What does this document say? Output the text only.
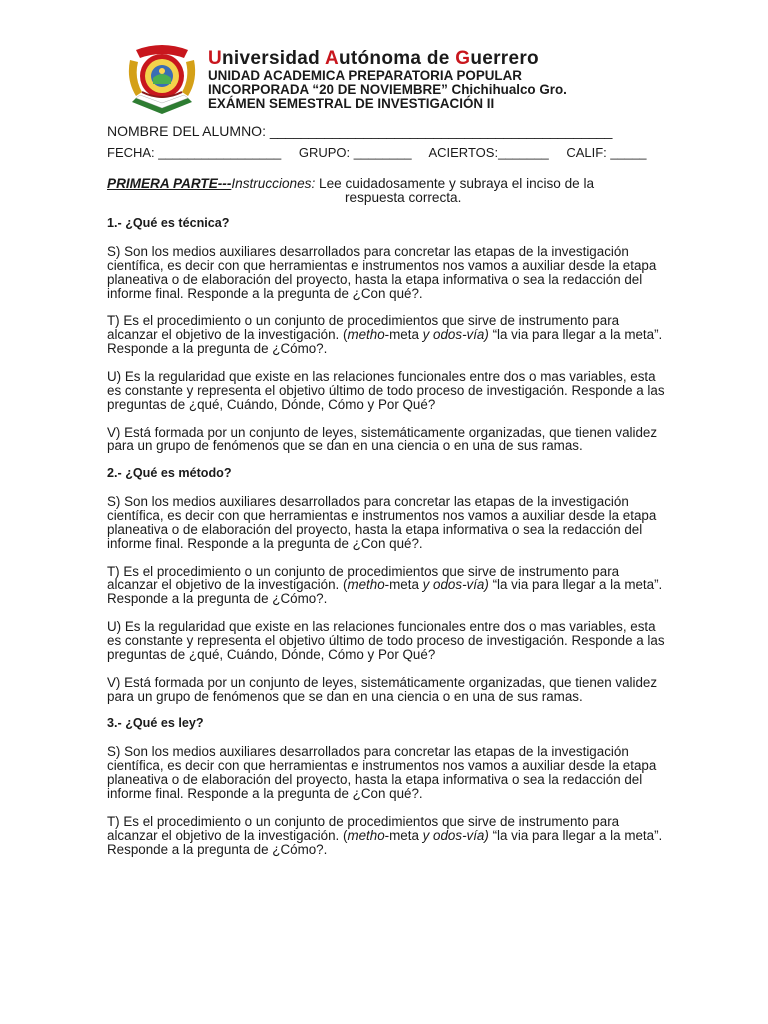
Universidad Autónoma de Guerrero
UNIDAD ACADEMICA PREPARATORIA POPULAR
INCORPORADA “20 DE NOVIEMBRE” Chichihualco Gro.
EXÁMEN SEMESTRAL DE INVESTIGACIÓN II
NOMBRE DEL ALUMNO: ____________________________________________
FECHA: _________________ GRUPO: ________ ACIERTOS:_______ CALIF: _____
PRIMERA PARTE---Instrucciones: Lee cuidadosamente y subraya el inciso de la
respuesta correcta.
1.- ¿Qué es técnica?
S) Son los medios auxiliares desarrollados para concretar las etapas de la investigación científica, es decir con que herramientas e instrumentos nos vamos a auxiliar desde la etapa planeativa o de elaboración del proyecto, hasta la etapa informativa o sea la redacción del informe final. Responde a la pregunta de ¿Con qué?.
T) Es el procedimiento o un conjunto de procedimientos que sirve de instrumento para alcanzar el objetivo de la investigación. (metho-meta y odos-vía) “la via para llegar a la meta”. Responde a la pregunta de ¿Cómo?.
U) Es la regularidad que existe en las relaciones funcionales entre dos o mas variables, esta es constante y representa el objetivo último de todo proceso de investigación. Responde a las preguntas de ¿qué, Cuándo, Dónde, Cómo y Por Qué?
V) Está formada por un conjunto de leyes, sistemáticamente organizadas, que tienen validez para un grupo de fenómenos que se dan en una ciencia o en una de sus ramas.
2.- ¿Qué es método?
S) Son los medios auxiliares desarrollados para concretar las etapas de la investigación científica, es decir con que herramientas e instrumentos nos vamos a auxiliar desde la etapa planeativa o de elaboración del proyecto, hasta la etapa informativa o sea la redacción del informe final. Responde a la pregunta de ¿Con qué?.
T) Es el procedimiento o un conjunto de procedimientos que sirve de instrumento para alcanzar el objetivo de la investigación. (metho-meta y odos-vía) “la via para llegar a la meta”. Responde a la pregunta de ¿Cómo?.
U) Es la regularidad que existe en las relaciones funcionales entre dos o mas variables, esta es constante y representa el objetivo último de todo proceso de investigación. Responde a las preguntas de ¿qué, Cuándo, Dónde, Cómo y Por Qué?
V) Está formada por un conjunto de leyes, sistemáticamente organizadas, que tienen validez para un grupo de fenómenos que se dan en una ciencia o en una de sus ramas.
3.- ¿Qué es ley?
S) Son los medios auxiliares desarrollados para concretar las etapas de la investigación científica, es decir con que herramientas e instrumentos nos vamos a auxiliar desde la etapa planeativa o de elaboración del proyecto, hasta la etapa informativa o sea la redacción del informe final. Responde a la pregunta de ¿Con qué?.
T) Es el procedimiento o un conjunto de procedimientos que sirve de instrumento para alcanzar el objetivo de la investigación. (metho-meta y odos-vía) “la via para llegar a la meta”. Responde a la pregunta de ¿Cómo?.
